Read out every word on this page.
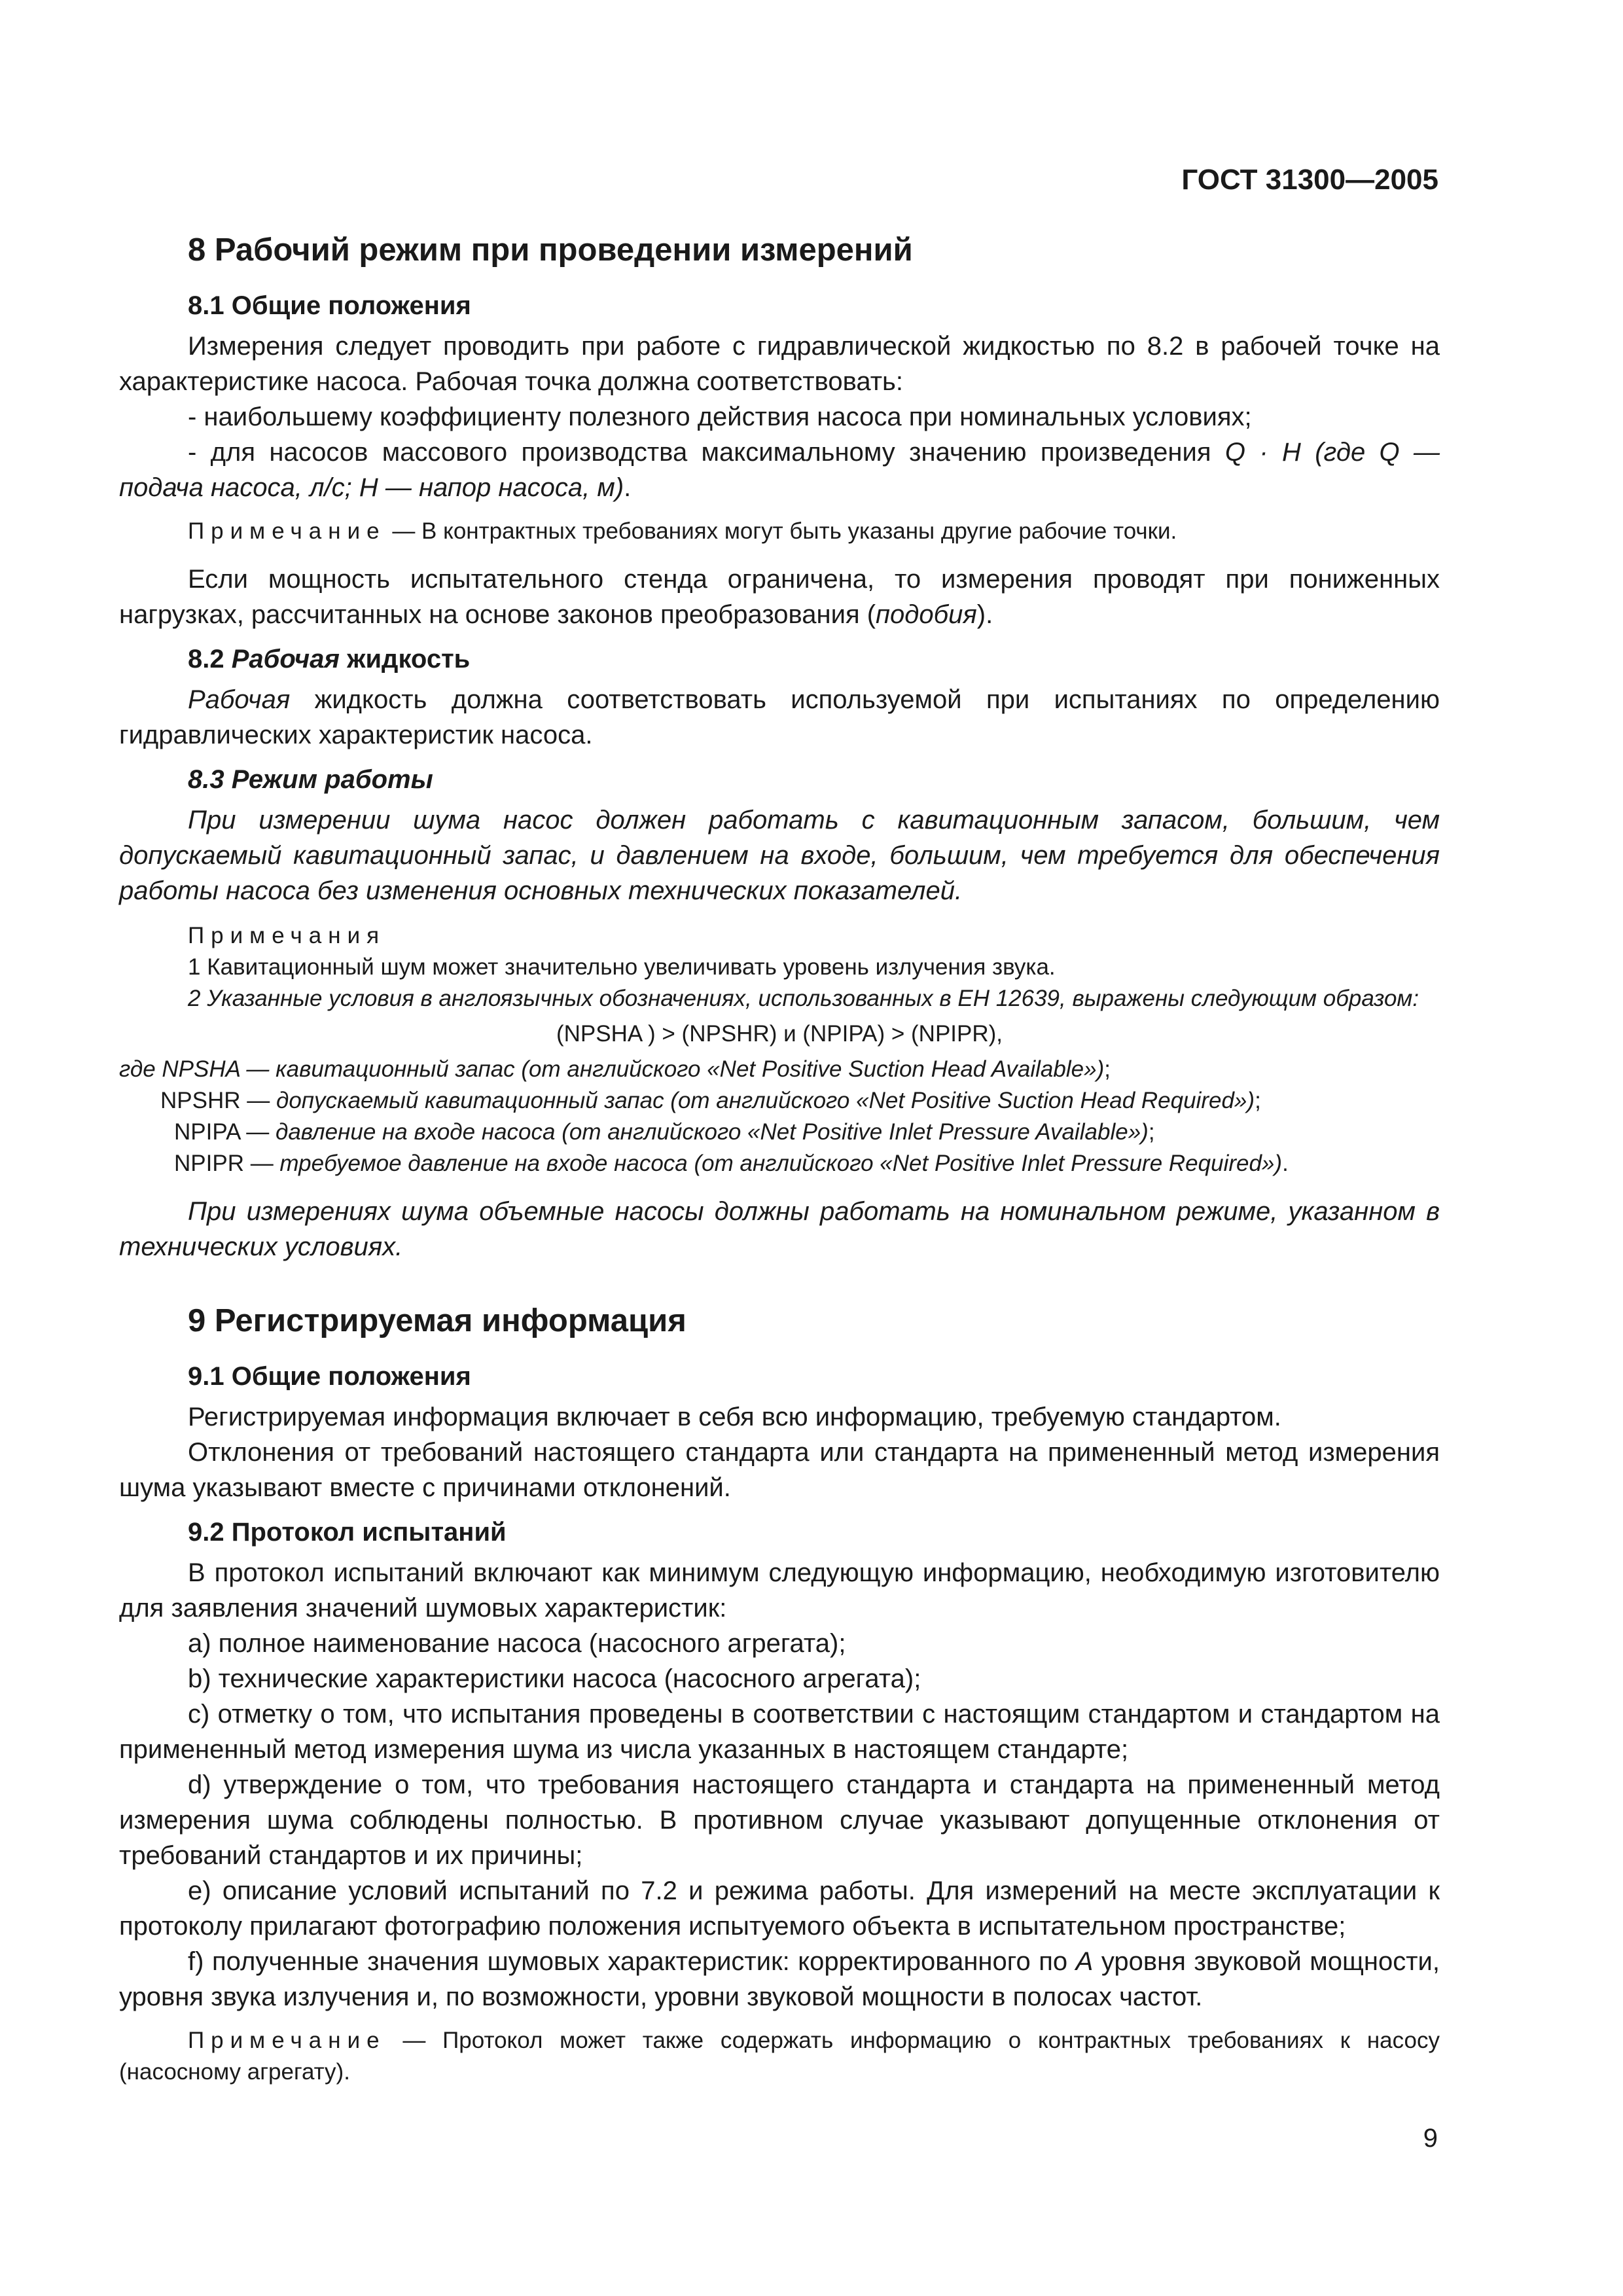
ГОСТ 31300—2005
8 Рабочий режим при проведении измерений
8.1 Общие положения
Измерения следует проводить при работе с гидравлической жидкостью по 8.2 в рабочей точке на характеристике насоса. Рабочая точка должна соответствовать:
- наибольшему коэффициенту полезного действия насоса при номинальных условиях;
- для насосов массового производства максимальному значению произведения Q · H (где Q — подача насоса, л/с; H — напор насоса, м).
Примечание — В контрактных требованиях могут быть указаны другие рабочие точки.
Если мощность испытательного стенда ограничена, то измерения проводят при пониженных нагрузках, рассчитанных на основе законов преобразования (подобия).
8.2 Рабочая жидкость
Рабочая жидкость должна соответствовать используемой при испытаниях по определению гидравлических характеристик насоса.
8.3 Режим работы
При измерении шума насос должен работать с кавитационным запасом, большим, чем допускаемый кавитационный запас, и давлением на входе, большим, чем требуется для обеспечения работы насоса без изменения основных технических показателей.
Примечания
1 Кавитационный шум может значительно увеличивать уровень излучения звука.
2 Указанные условия в англоязычных обозначениях, использованных в ЕН 12639, выражены следующим образом:
(NPSHA ) > (NPSHR) и (NPIPA) > (NPIPR),
где NPSHA — кавитационный запас (от английского «Net Positive Suction Head Available»);
NPSHR — допускаемый кавитационный запас (от английского «Net Positive Suction Head Required»);
NPIPA — давление на входе насоса (от английского «Net Positive Inlet Pressure Available»);
NPIPR — требуемое давление на входе насоса (от английского «Net Positive Inlet Pressure Required»).
При измерениях шума объемные насосы должны работать на номинальном режиме, указанном в технических условиях.
9 Регистрируемая информация
9.1 Общие положения
Регистрируемая информация включает в себя всю информацию, требуемую стандартом.
Отклонения от требований настоящего стандарта или стандарта на примененный метод измерения шума указывают вместе с причинами отклонений.
9.2 Протокол испытаний
В протокол испытаний включают как минимум следующую информацию, необходимую изготовителю для заявления значений шумовых характеристик:
a) полное наименование насоса (насосного агрегата);
b) технические характеристики насоса (насосного агрегата);
c) отметку о том, что испытания проведены в соответствии с настоящим стандартом и стандартом на примененный метод измерения шума из числа указанных в настоящем стандарте;
d) утверждение о том, что требования настоящего стандарта и стандарта на примененный метод измерения шума соблюдены полностью. В противном случае указывают допущенные отклонения от требований стандартов и их причины;
e) описание условий испытаний по 7.2 и режима работы. Для измерений на месте эксплуатации к протоколу прилагают фотографию положения испытуемого объекта в испытательном пространстве;
f) полученные значения шумовых характеристик: корректированного по А уровня звуковой мощности, уровня звука излучения и, по возможности, уровни звуковой мощности в полосах частот.
Примечание — Протокол может также содержать информацию о контрактных требованиях к насосу (насосному агрегату).
9
